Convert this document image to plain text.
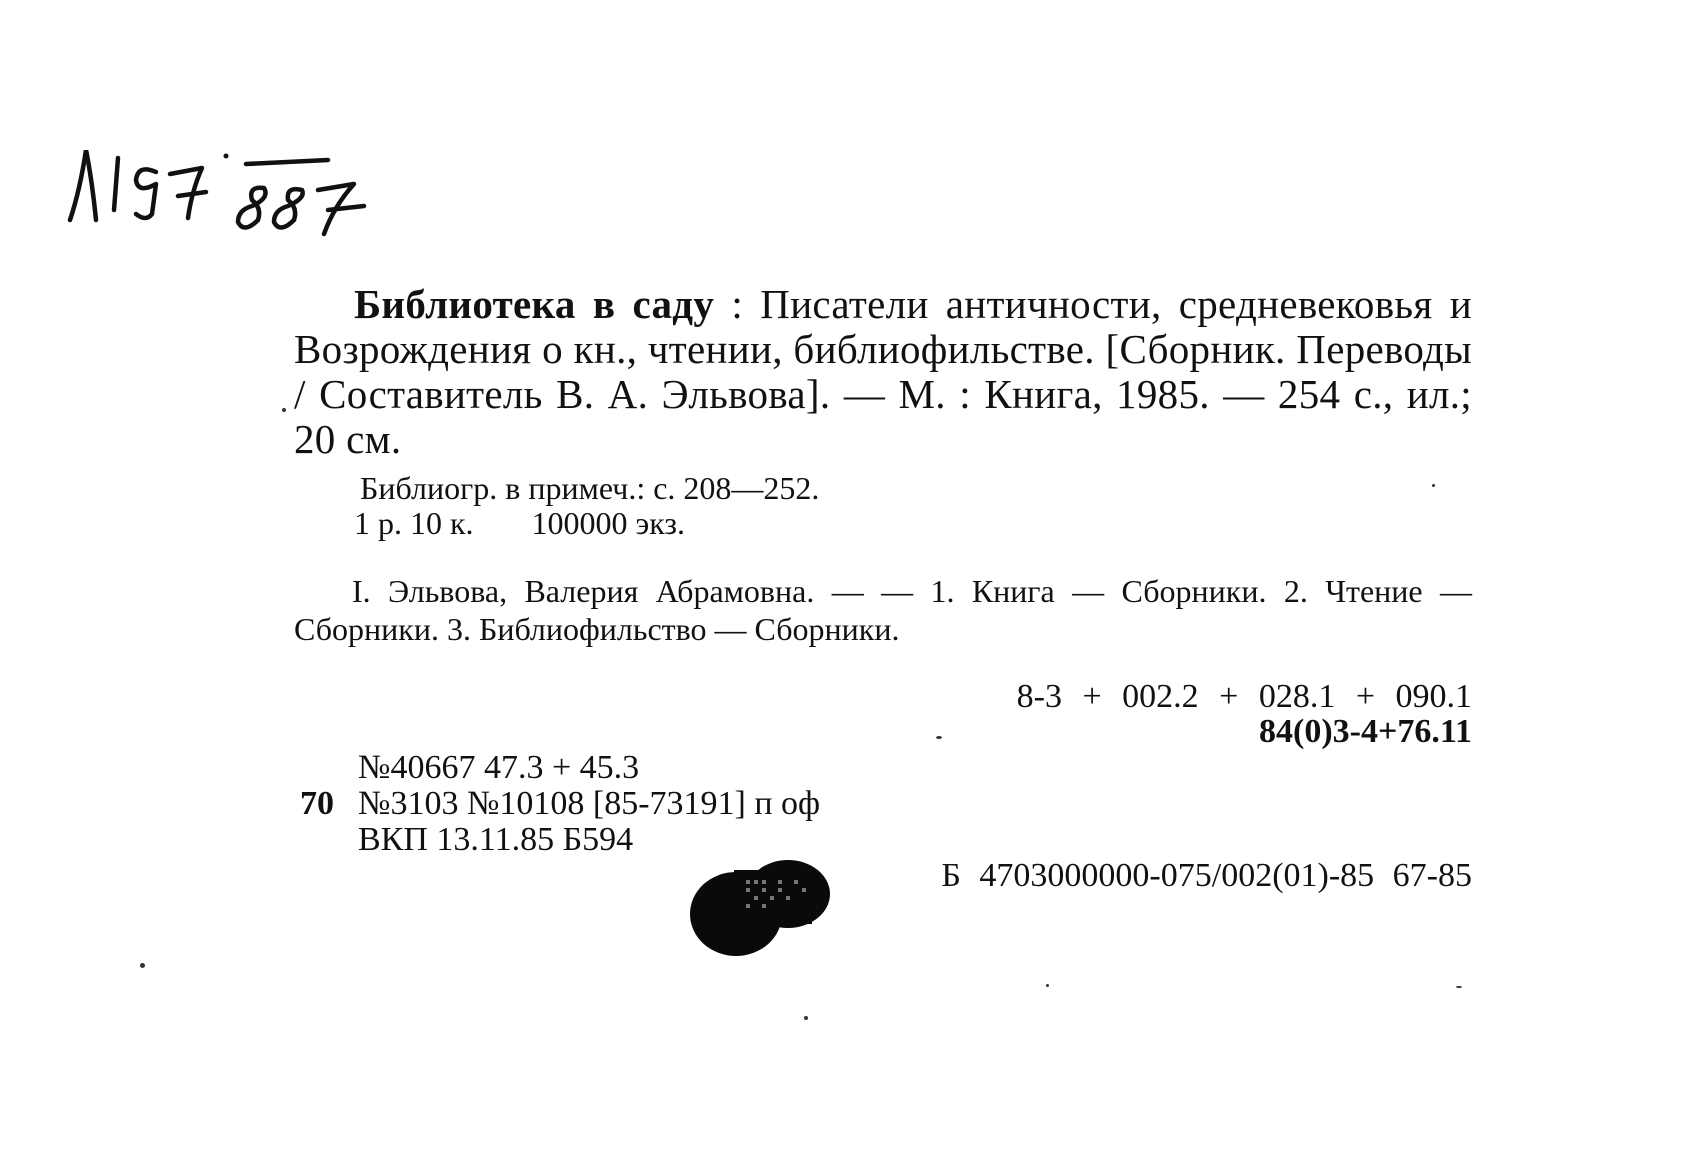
Библиотека в саду : Писатели античности, средневековья и Возрождения о кн., чтении, библиофильстве. [Сборник. Переводы / Составитель В. А. Эльвова]. — М. : Книга, 1985. — 254 с., ил.; 20 см.
Библиогр. в примеч.: с. 208—252.
1 р. 10 к. 100000 экз.
I. Эльвова, Валерия Абрамовна. — — 1. Книга — Сборники. 2. Чтение — Сборники. 3. Библиофильство — Сборники.
8-3 + 002.2 + 028.1 + 090.1
84(0)3-4+76.11
№40667 47.3 + 45.3
70 №3103 №10108 [85-73191] п оф
ВКП 13.11.85 Б594
Б 4703000000-075/002(01)-85 67-85
